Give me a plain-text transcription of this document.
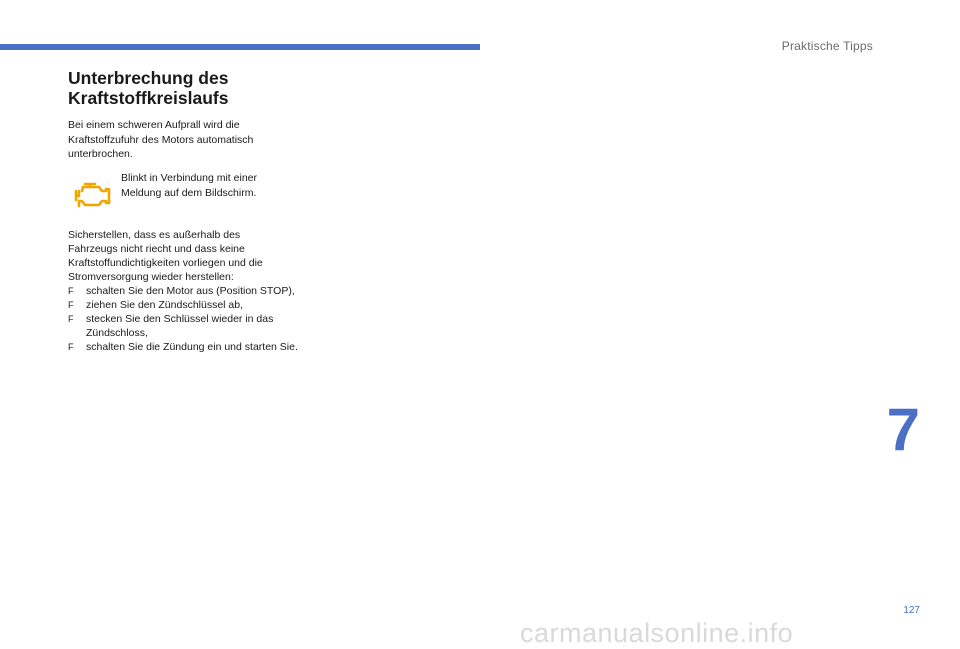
Praktische Tipps
Unterbrechung des
Kraftstoffkreislaufs

Bei einem schweren Aufprall wird die
Kraftstoffzufuhr des Motors automatisch
unterbrochen.

Blinkt in Verbindung mit einer
Meldung auf dem Bildschirm.

Sicherstellen, dass es außerhalb des
Fahrzeugs nicht riecht und dass keine
Kraftstoffundichtigkeiten vorliegen und die
Stromversorgung wieder herstellen:

F schalten Sie den Motor aus (Position STOP),
F ziehen Sie den Zündschlüssel ab,
F stecken Sie den Schlüssel wieder in das
Zündschloss,
F schalten Sie die Zündung ein und starten Sie.
7
127
carmanualsonline.info
